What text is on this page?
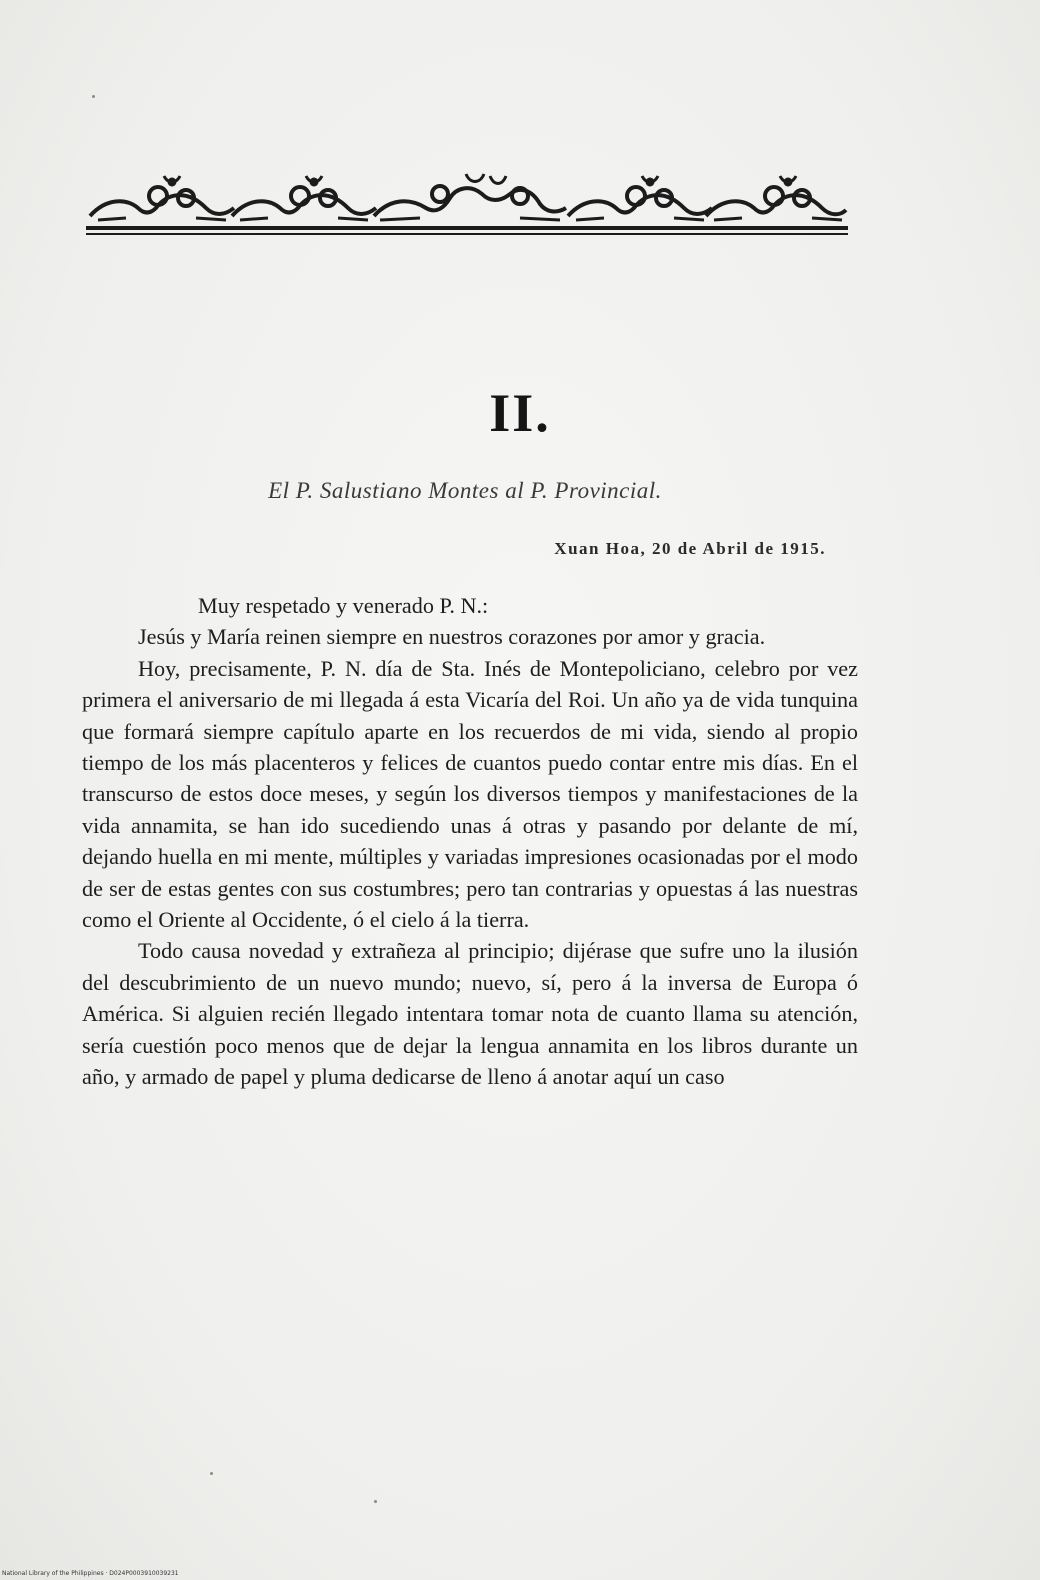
II.
El P. Salustiano Montes al P. Provincial.
Xuan Hoa, 20 de Abril de 1915.

Muy respetado y venerado P. N.:

Jesús y María reinen siempre en nuestros corazones por amor y gracia.

Hoy, precisamente, P. N. día de Sta. Inés de Montepoliciano, celebro por vez primera el aniversario de mi llegada á esta Vicaría del Roi. Un año ya de vida tunquina que formará siempre capítulo aparte en los recuerdos de mi vida, siendo al propio tiempo de los más placenteros y felices de cuantos puedo contar entre mis días. En el transcurso de estos doce meses, y según los diversos tiempos y manifestaciones de la vida annamita, se han ido sucediendo unas á otras y pasando por delante de mí, dejando huella en mi mente, múltiples y variadas impresiones ocasionadas por el modo de ser de estas gentes con sus costumbres; pero tan contrarias y opuestas á las nuestras como el Oriente al Occidente, ó el cielo á la tierra.

Todo causa novedad y extrañeza al principio; dijérase que sufre uno la ilusión del descubrimiento de un nuevo mundo; nuevo, sí, pero á la inversa de Europa ó América. Si alguien recién llegado intentara tomar nota de cuanto llama su atención, sería cuestión poco menos que de dejar la lengua annamita en los libros durante un año, y armado de papel y pluma dedicarse de lleno á anotar aquí un caso

National Library of the Philippines · D024P0003910039231
